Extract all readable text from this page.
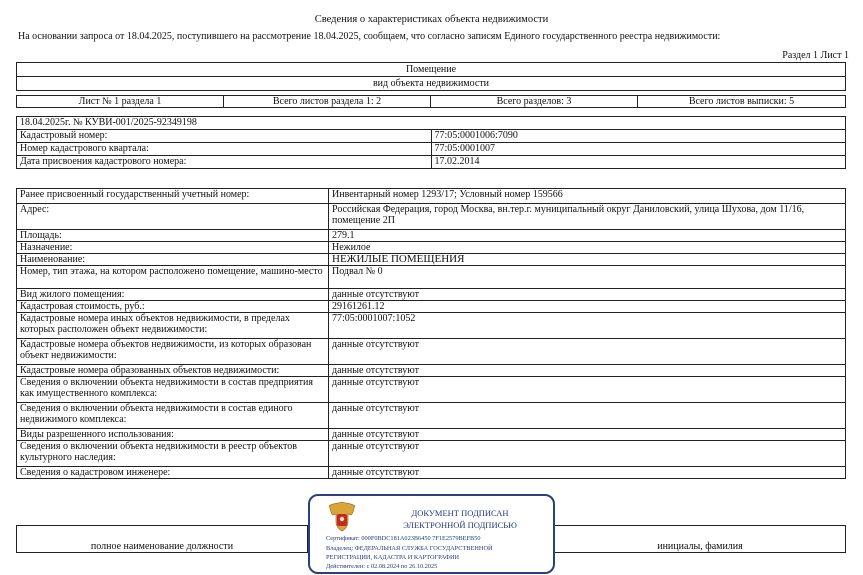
Сведения о характеристиках объекта недвижимости
На основании запроса от 18.04.2025, поступившего на рассмотрение 18.04.2025, сообщаем, что согласно записям Единого государственного реестра недвижимости:
Раздел 1 Лист 1
Помещение
вид объекта недвижимости
Лист № 1 раздела 1	Всего листов раздела 1: 2	Всего разделов: 3	Всего листов выписки: 5
18.04.2025г. № КУВИ-001/2025-92349198	
Кадастровый номер:	77:05:0001006:7090
Номер кадастрового квартала:	77:05:0001007
Дата присвоения кадастрового номера:	17.02.2014
Ранее присвоенный государственный учетный номер:	Инвентарный номер 1293/17; Условный номер 159566
Адрес:	Российская Федерация, город Москва, вн.тер.г. муниципальный округ Даниловский, улица Шухова, дом 11/16, помещение 2П
Площадь:	279.1
Назначение:	Нежилое
Наименование:	НЕЖИЛЫЕ ПОМЕЩЕНИЯ
Номер, тип этажа, на котором расположено помещение, машино-место	Подвал № 0
Вид жилого помещения:	данные отсутствуют
Кадастровая стоимость, руб.:	29161261.12
Кадастровые номера иных объектов недвижимости, в пределах которых расположен объект недвижимости:	77:05:0001007:1052
Кадастровые номера объектов недвижимости, из которых образован объект недвижимости:	данные отсутствуют
Кадастровые номера образованных объектов недвижимости:	данные отсутствуют
Сведения о включении объекта недвижимости в состав предприятия как имущественного комплекса:	данные отсутствуют
Сведения о включении объекта недвижимости в состав единого недвижимого комплекса:	данные отсутствуют
Виды разрешенного использования:	данные отсутствуют
Сведения о включении объекта недвижимости в реестр объектов культурного наследия:	данные отсутствуют
Сведения о кадастровом инженере:	данные отсутствуют
полное наименование должности	инициалы, фамилия
ДОКУМЕНТ ПОДПИСАН
ЭЛЕКТРОННОЙ ПОДПИСЬЮ
Сертификат: 000F0BDC181A023B6450 7F1E2579BEFB50
Владелец: ФЕДЕРАЛЬНАЯ СЛУЖБА ГОСУДАРСТВЕННОЙ
РЕГИСТРАЦИИ, КАДАСТРА И КАРТОГРАФИИ
Действителен: с 02.08.2024 по 26.10.2025
